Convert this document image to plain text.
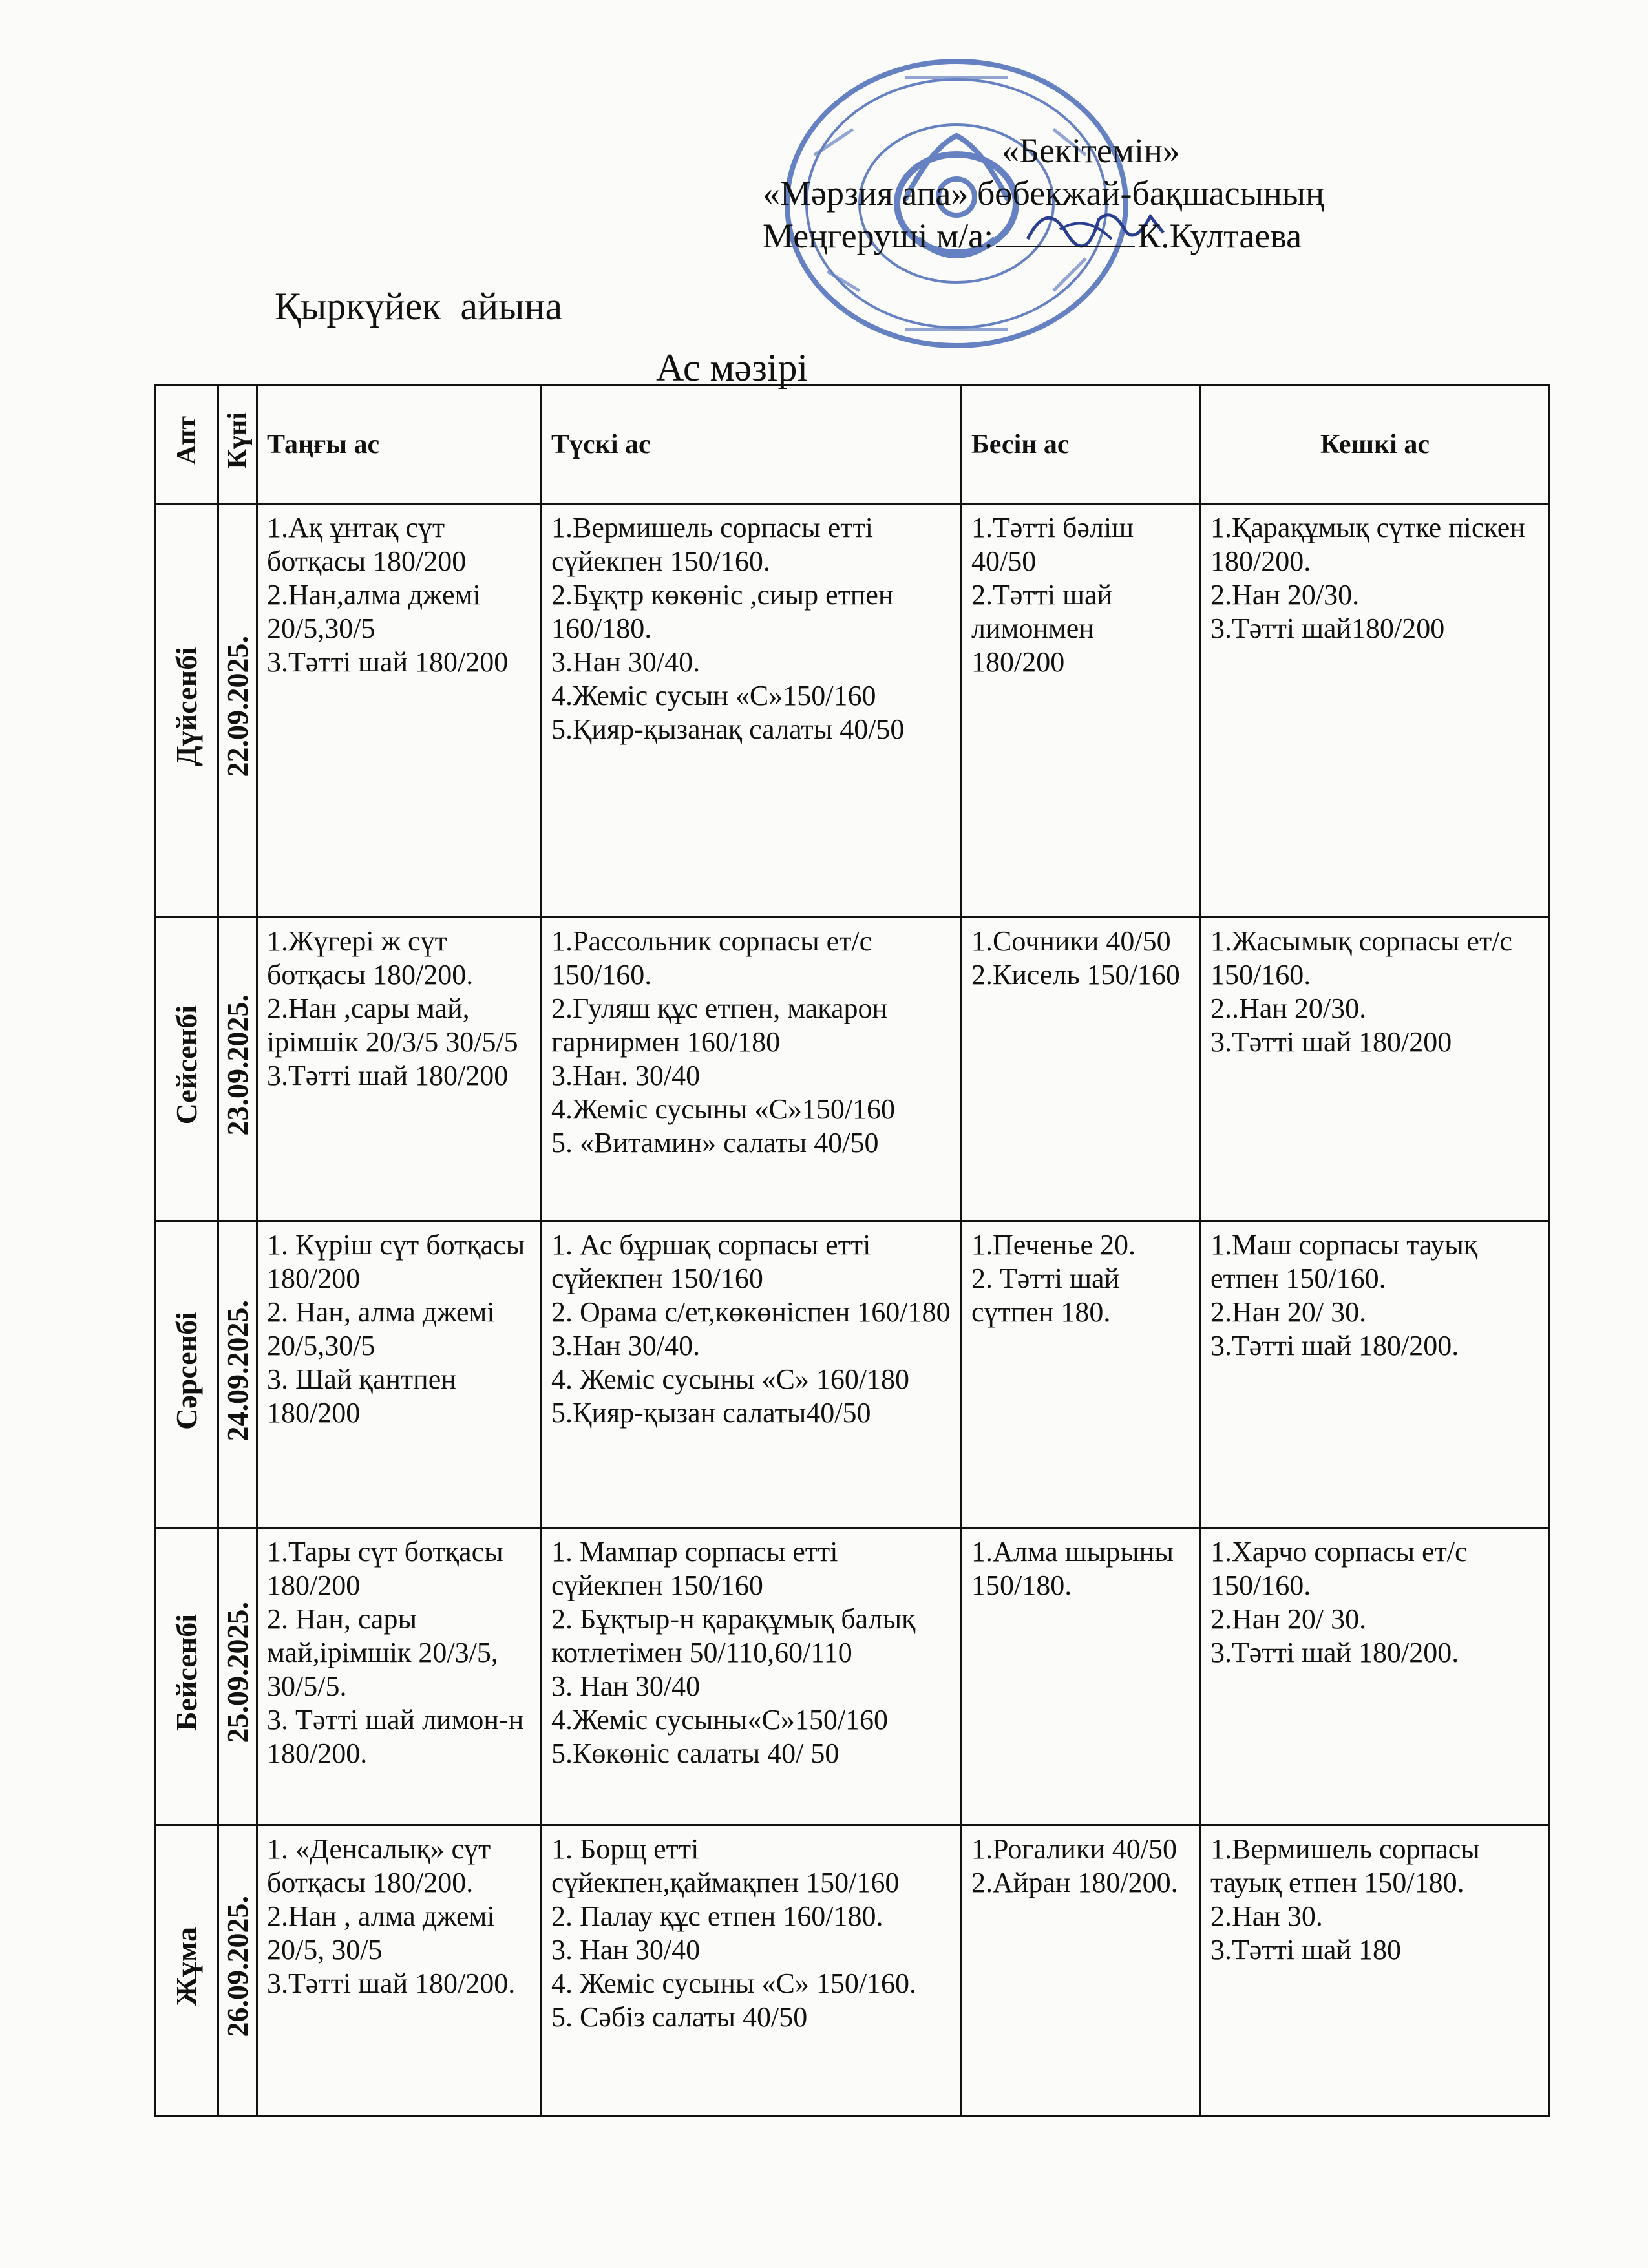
«Бекітемін»
«Мәрзия апа» бөбекжай-бақшасының
Меңгеруші м/а:	К.Култаева
Қыркүйек  айына
Ас мәзірі
Апт	Күні	Таңғы ас	Түскі ас	Бесін ас	Кешкі ас
Дүйсенбі	22.09.2025.	1.Ақ ұнтақ сүт ботқасы 180/200
2.Нан,алма джемі 20/5,30/5
3.Тәтті шай 180/200	1.Вермишель сорпасы етті сүйекпен 150/160.
2.Бұқтр көкөніс ,сиыр етпен 160/180.
3.Нан 30/40.
4.Жеміс сусын «С»150/160
5.Қияр-қызанақ салаты 40/50	1.Тәтті бәліш 40/50
2.Тәтті шай лимонмен 180/200	1.Қарақұмық сүтке піскен 180/200.
2.Нан 20/30.
3.Тәтті шай180/200

Сейсенбі	23.09.2025.	1.Жүгері ж сүт ботқасы 180/200.
2.Нан ,сары май, ірімшік 20/3/5 30/5/5
3.Тәтті шай 180/200	1.Рассольник сорпасы ет/с 150/160.
2.Гуляш құс етпен, макарон гарнирмен 160/180
3.Нан. 30/40
4.Жеміс сусыны «С»150/160
5. «Витамин» салаты 40/50	1.Сочники 40/50
2.Кисель 150/160	1.Жасымық сорпасы ет/с 150/160.
2..Нан 20/30.
3.Тәтті шай 180/200

Сәрсенбі	24.09.2025.	1. Күріш сүт ботқасы 180/200
2. Нан, алма джемі 20/5,30/5
3. Шай қантпен 180/200	1. Ас бұршақ сорпасы етті сүйекпен 150/160
2. Орама с/ет,көкөніспен 160/180
3.Нан 30/40.
4. Жеміс сусыны «С» 160/180
5.Қияр-қызан салаты40/50	1.Печенье 20.
2. Тәтті шай сүтпен 180.	1.Маш сорпасы тауық етпен 150/160.
2.Нан 20/ 30.
3.Тәтті шай 180/200.

Бейсенбі	25.09.2025.	1.Тары сүт ботқасы 180/200
2. Нан, сары май,ірімшік 20/3/5, 30/5/5.
3. Тәтті шай лимон-н 180/200.	1. Мампар сорпасы етті сүйекпен 150/160
2. Бұқтыр-н қарақұмық балық котлетімен 50/110,60/110
3. Нан 30/40
4.Жеміс сусыны«С»150/160
5.Көкөніс салаты 40/ 50	1.Алма шырыны 150/180.	1.Харчо сорпасы ет/с 150/160.
2.Нан 20/ 30.
3.Тәтті шай 180/200.

Жұма	26.09.2025.	1. «Денсалық» сүт ботқасы 180/200.
2.Нан , алма джемі 20/5, 30/5
3.Тәтті шай 180/200.	1. Борщ етті сүйекпен,қаймақпен 150/160
2. Палау құс етпен 160/180.
3. Нан 30/40
4. Жеміс сусыны «С» 150/160.
5. Сәбіз салаты 40/50	1.Рогалики 40/50
2.Айран 180/200.	1.Вермишель сорпасы тауық етпен 150/180.
2.Нан 30.
3.Тәтті шай 180
